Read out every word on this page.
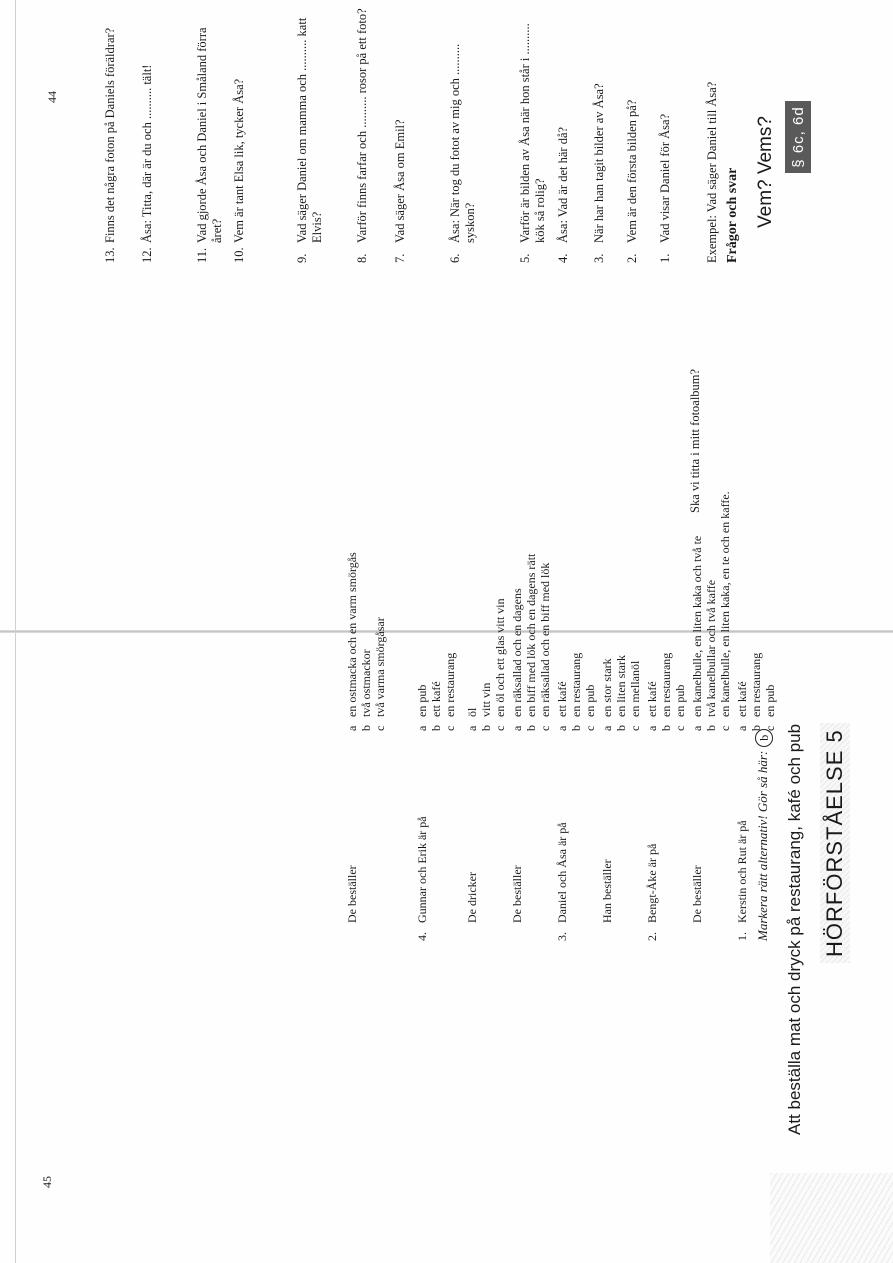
§ 6c, 6d
Vem? Vems?
Frågor och svar
Exempel: Vad säger Daniel till Åsa?
Ska vi titta i mitt fotoalbum?
1.
Vad visar Daniel för Åsa?
2.
Vem är den första bilden på?
3.
När har han tagit bilder av Åsa?
4.
Åsa: Vad är det här då?
5.
Varför är bilden av Åsa när hon står i .......... kök så rolig?
6.
Åsa: När tog du fotot av mig och .......... syskon?
7.
Vad säger Åsa om Emil?
8.
Varför finns farfar och .......... rosor på ett foto?
9.
Vad säger Daniel om mamma och .......... katt Elvis?
10.
Vem är tant Elsa lik, tycker Åsa?
11.
Vad gjorde Åsa och Daniel i Småland förra året?
12.
Åsa: Titta, där är du och .......... tält!
13.
Finns det några foton på Daniels föräldrar?
44
HÖRFÖRSTÅELSE 5
Att beställa mat och dryck på restaurang, kafé och pub
Markera rätt alternativ! Gör så här:b
1.
Kerstin och Rut är på
aett kafé
ben restaurang
cen pub
De beställer
aen kanelbulle, en liten kaka och två te
btvå kanelbullar och två kaffe
cen kanelbulle, en liten kaka, en te och en kaffe.
2.
Bengt-Åke är på
aett kafé
ben restaurang
cen pub
Han beställer
aen stor stark
ben liten stark
cen mellanöl
3.
Daniel och Åsa är på
aett kafé
ben restaurang
cen pub
De beställer
aen räksallad och en dagens
ben biff med lök och en dagens rätt
cen räksallad och en biff med lök
De dricker
aöl
bvitt vin
cen öl och ett glas vitt vin
4.
Gunnar och Erik är på
aen pub
bett kafé
cen restaurang
De beställer
aen ostmacka och en varm smörgås
btvå ostmackor
ctvå varma smörgåsar
45
